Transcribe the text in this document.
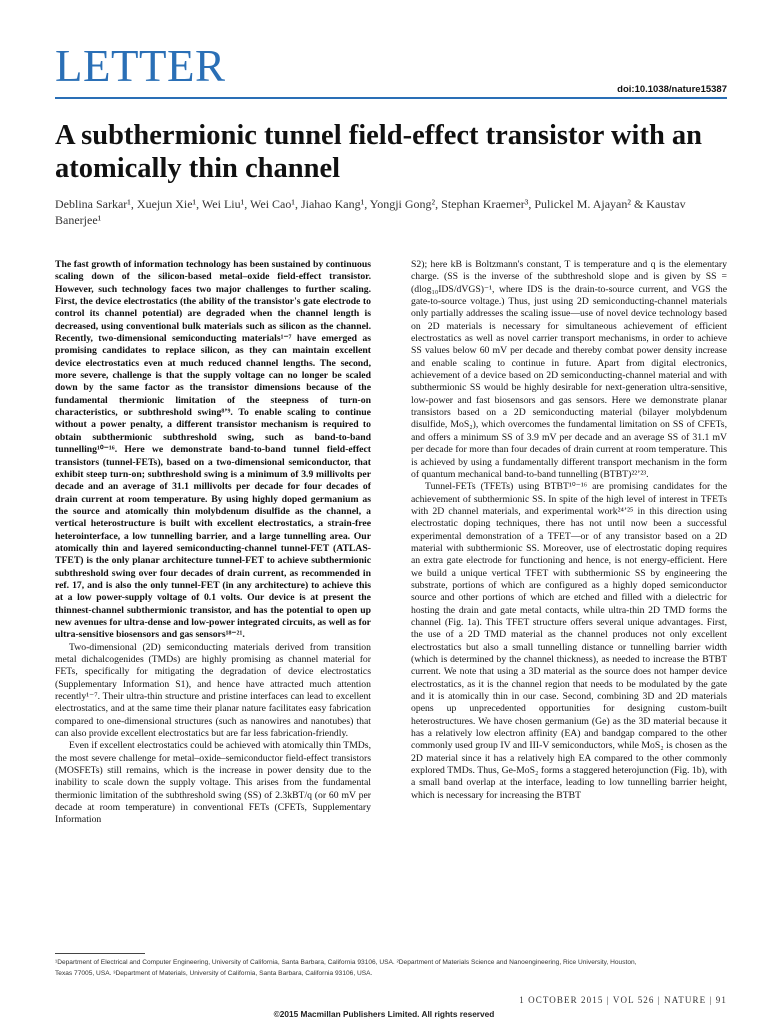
LETTER	doi:10.1038/nature15387
A subthermionic tunnel field-effect transistor with an atomically thin channel

Deblina Sarkar¹, Xuejun Xie¹, Wei Liu¹, Wei Cao¹, Jiahao Kang¹, Yongji Gong², Stephan Kraemer³, Pulickel M. Ajayan² & Kaustav Banerjee¹

The fast growth of information technology has been sustained by continuous scaling down of the silicon-based metal–oxide field-effect transistor. However, such technology faces two major challenges to further scaling. First, the device electrostatics (the ability of the transistor's gate electrode to control its channel potential) are degraded when the channel length is decreased, using conventional bulk materials such as silicon as the channel. Recently, two-dimensional semiconducting materials¹⁻⁷ have emerged as promising candidates to replace silicon, as they can maintain excellent device electrostatics even at much reduced channel lengths. The second, more severe, challenge is that the supply voltage can no longer be scaled down by the same factor as the transistor dimensions because of the fundamental thermionic limitation of the steepness of turn-on characteristics, or subthreshold swing⁸ʼ⁹. To enable scaling to continue without a power penalty, a different transistor mechanism is required to obtain subthermionic subthreshold swing, such as band-to-band tunnelling¹⁰⁻¹⁶. Here we demonstrate band-to-band tunnel field-effect transistors (tunnel-FETs), based on a two-dimensional semiconductor, that exhibit steep turn-on; subthreshold swing is a minimum of 3.9 millivolts per decade and an average of 31.1 millivolts per decade for four decades of drain current at room temperature. By using highly doped germanium as the source and atomically thin molybdenum disulfide as the channel, a vertical heterostructure is built with excellent electrostatics, a strain-free heterointerface, a low tunnelling barrier, and a large tunnelling area. Our atomically thin and layered semiconducting-channel tunnel-FET (ATLAS-TFET) is the only planar architecture tunnel-FET to achieve subthermionic subthreshold swing over four decades of drain current, as recommended in ref. 17, and is also the only tunnel-FET (in any architecture) to achieve this at a low power-supply voltage of 0.1 volts. Our device is at present the thinnest-channel subthermionic transistor, and has the potential to open up new avenues for ultra-dense and low-power integrated circuits, as well as for ultra-sensitive biosensors and gas sensors¹⁸⁻²¹.

Two-dimensional (2D) semiconducting materials derived from transition metal dichalcogenides (TMDs) are highly promising as channel material for FETs, specifically for mitigating the degradation of device electrostatics (Supplementary Information S1), and hence have attracted much attention recently¹⁻⁷. Their ultra-thin structure and pristine interfaces can lead to excellent electrostatics, and at the same time their planar nature facilitates easy fabrication compared to one-dimensional structures (such as nanowires and nanotubes) that can also provide excellent electrostatics but are far less fabrication-friendly.

Even if excellent electrostatics could be achieved with atomically thin TMDs, the most severe challenge for metal–oxide–semiconductor field-effect transistors (MOSFETs) still remains, which is the increase in power density due to the inability to scale down the supply voltage. This arises from the fundamental thermionic limitation of the subthreshold swing (SS) of 2.3kBT/q (or 60 mV per decade at room temperature) in conventional FETs (CFETs, Supplementary Information

S2); here kB is Boltzmann's constant, T is temperature and q is the elementary charge. (SS is the inverse of the subthreshold slope and is given by SS = (dlog₁₀IDS/dVGS)⁻¹, where IDS is the drain-to-source current, and VGS the gate-to-source voltage.) Thus, just using 2D semiconducting-channel materials only partially addresses the scaling issue—use of novel device technology based on 2D materials is necessary for simultaneous achievement of efficient electrostatics as well as novel carrier transport mechanisms, in order to achieve SS values below 60 mV per decade and thereby combat power density increase and enable scaling to continue in future. Apart from digital electronics, achievement of a device based on 2D semiconducting-channel material and with subthermionic SS would be highly desirable for next-generation ultra-sensitive, low-power and fast biosensors and gas sensors. Here we demonstrate planar transistors based on a 2D semiconducting material (bilayer molybdenum disulfide, MoS₂), which overcomes the fundamental limitation on SS of CFETs, and offers a minimum SS of 3.9 mV per decade and an average SS of 31.1 mV per decade for more than four decades of drain current at room temperature. This is achieved by using a fundamentally different transport mechanism in the form of quantum mechanical band-to-band tunnelling (BTBT)²²ʼ²³.

Tunnel-FETs (TFETs) using BTBT¹⁰⁻¹⁶ are promising candidates for the achievement of subthermionic SS. In spite of the high level of interest in TFETs with 2D channel materials, and experimental work²⁴ʼ²⁵ in this direction using electrostatic doping techniques, there has not until now been a successful experimental demonstration of a TFET—or of any transistor based on a 2D material with subthermionic SS. Moreover, use of electrostatic doping requires an extra gate electrode for functioning and hence, is not energy-efficient. Here we build a unique vertical TFET with subthermionic SS by engineering the substrate, portions of which are configured as a highly doped semiconductor source and other portions of which are etched and filled with a dielectric for hosting the drain and gate metal contacts, while ultra-thin 2D TMD forms the channel (Fig. 1a). This TFET structure offers several unique advantages. First, the use of a 2D TMD material as the channel produces not only excellent electrostatics but also a small tunnelling distance or tunnelling barrier width (which is determined by the channel thickness), as needed to increase the BTBT current. We note that using a 3D material as the source does not hamper device electrostatics, as it is the channel region that needs to be modulated by the gate and it is atomically thin in our case. Second, combining 3D and 2D materials opens up unprecedented opportunities for designing custom-built heterostructures. We have chosen germanium (Ge) as the 3D material because it has a relatively low electron affinity (EA) and bandgap compared to the other commonly used group IV and III-V semiconductors, while MoS₂ is chosen as the 2D material since it has a relatively high EA compared to the other commonly explored TMDs. Thus, Ge-MoS₂ forms a staggered heterojunction (Fig. 1b), with a small band overlap at the interface, leading to low tunnelling barrier height, which is necessary for increasing the BTBT

¹Department of Electrical and Computer Engineering, University of California, Santa Barbara, California 93106, USA. ²Department of Materials Science and Nanoengineering, Rice University, Houston,

Texas 77005, USA. ³Department of Materials, University of California, Santa Barbara, California 93106, USA.

1 OCTOBER 2015 | VOL 526 | NATURE | 91

©2015 Macmillan Publishers Limited. All rights reserved
